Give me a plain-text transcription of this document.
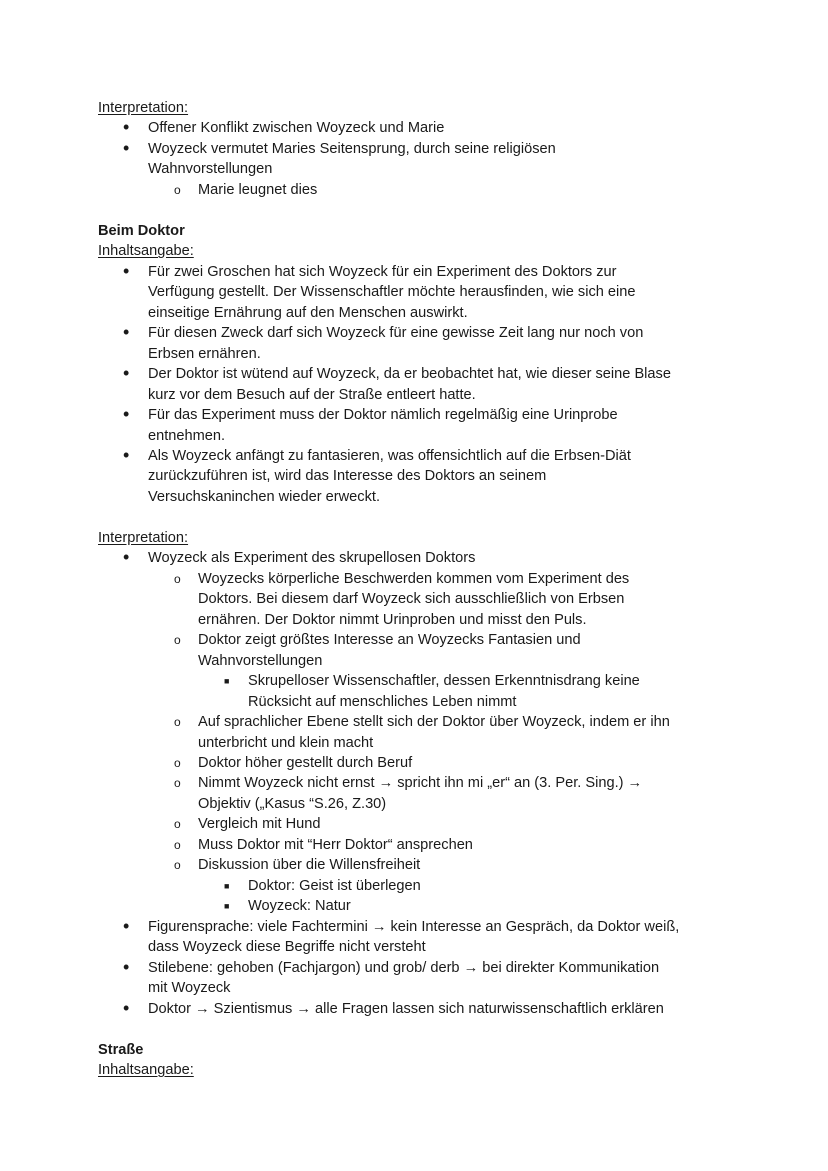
Interpretation:
• Offener Konflikt zwischen Woyzeck und Marie
• Woyzeck vermutet Maries Seitensprung, durch seine religiösen
Wahnvorstellungen
o Marie leugnet dies
Beim Doktor
Inhaltsangabe:
• Für zwei Groschen hat sich Woyzeck für ein Experiment des Doktors zur
Verfügung gestellt. Der Wissenschaftler möchte herausfinden, wie sich eine
einseitige Ernährung auf den Menschen auswirkt.
• Für diesen Zweck darf sich Woyzeck für eine gewisse Zeit lang nur noch von
Erbsen ernähren.
• Der Doktor ist wütend auf Woyzeck, da er beobachtet hat, wie dieser seine Blase
kurz vor dem Besuch auf der Straße entleert hatte.
• Für das Experiment muss der Doktor nämlich regelmäßig eine Urinprobe
entnehmen.
• Als Woyzeck anfängt zu fantasieren, was offensichtlich auf die Erbsen-Diät
zurückzuführen ist, wird das Interesse des Doktors an seinem
Versuchskaninchen wieder erweckt.
Interpretation:
• Woyzeck als Experiment des skrupellosen Doktors
o Woyzecks körperliche Beschwerden kommen vom Experiment des
Doktors. Bei diesem darf Woyzeck sich ausschließlich von Erbsen
ernähren. Der Doktor nimmt Urinproben und misst den Puls.
o Doktor zeigt größtes Interesse an Woyzecks Fantasien und
Wahnvorstellungen
■ Skrupelloser Wissenschaftler, dessen Erkenntnisdrang keine
Rücksicht auf menschliches Leben nimmt
o Auf sprachlicher Ebene stellt sich der Doktor über Woyzeck, indem er ihn
unterbricht und klein macht
o Doktor höher gestellt durch Beruf
o Nimmt Woyzeck nicht ernst → spricht ihn mi „er“ an (3. Per. Sing.) →
Objektiv („Kasus “S.26, Z.30)
o Vergleich mit Hund
o Muss Doktor mit “Herr Doktor“ ansprechen
o Diskussion über die Willensfreiheit
■ Doktor: Geist ist überlegen
■ Woyzeck: Natur
• Figurensprache: viele Fachtermini → kein Interesse an Gespräch, da Doktor weiß,
dass Woyzeck diese Begriffe nicht versteht
• Stilebene: gehoben (Fachjargon) und grob/ derb → bei direkter Kommunikation
mit Woyzeck
• Doktor → Szientismus → alle Fragen lassen sich naturwissenschaftlich erklären
Straße
Inhaltsangabe:
